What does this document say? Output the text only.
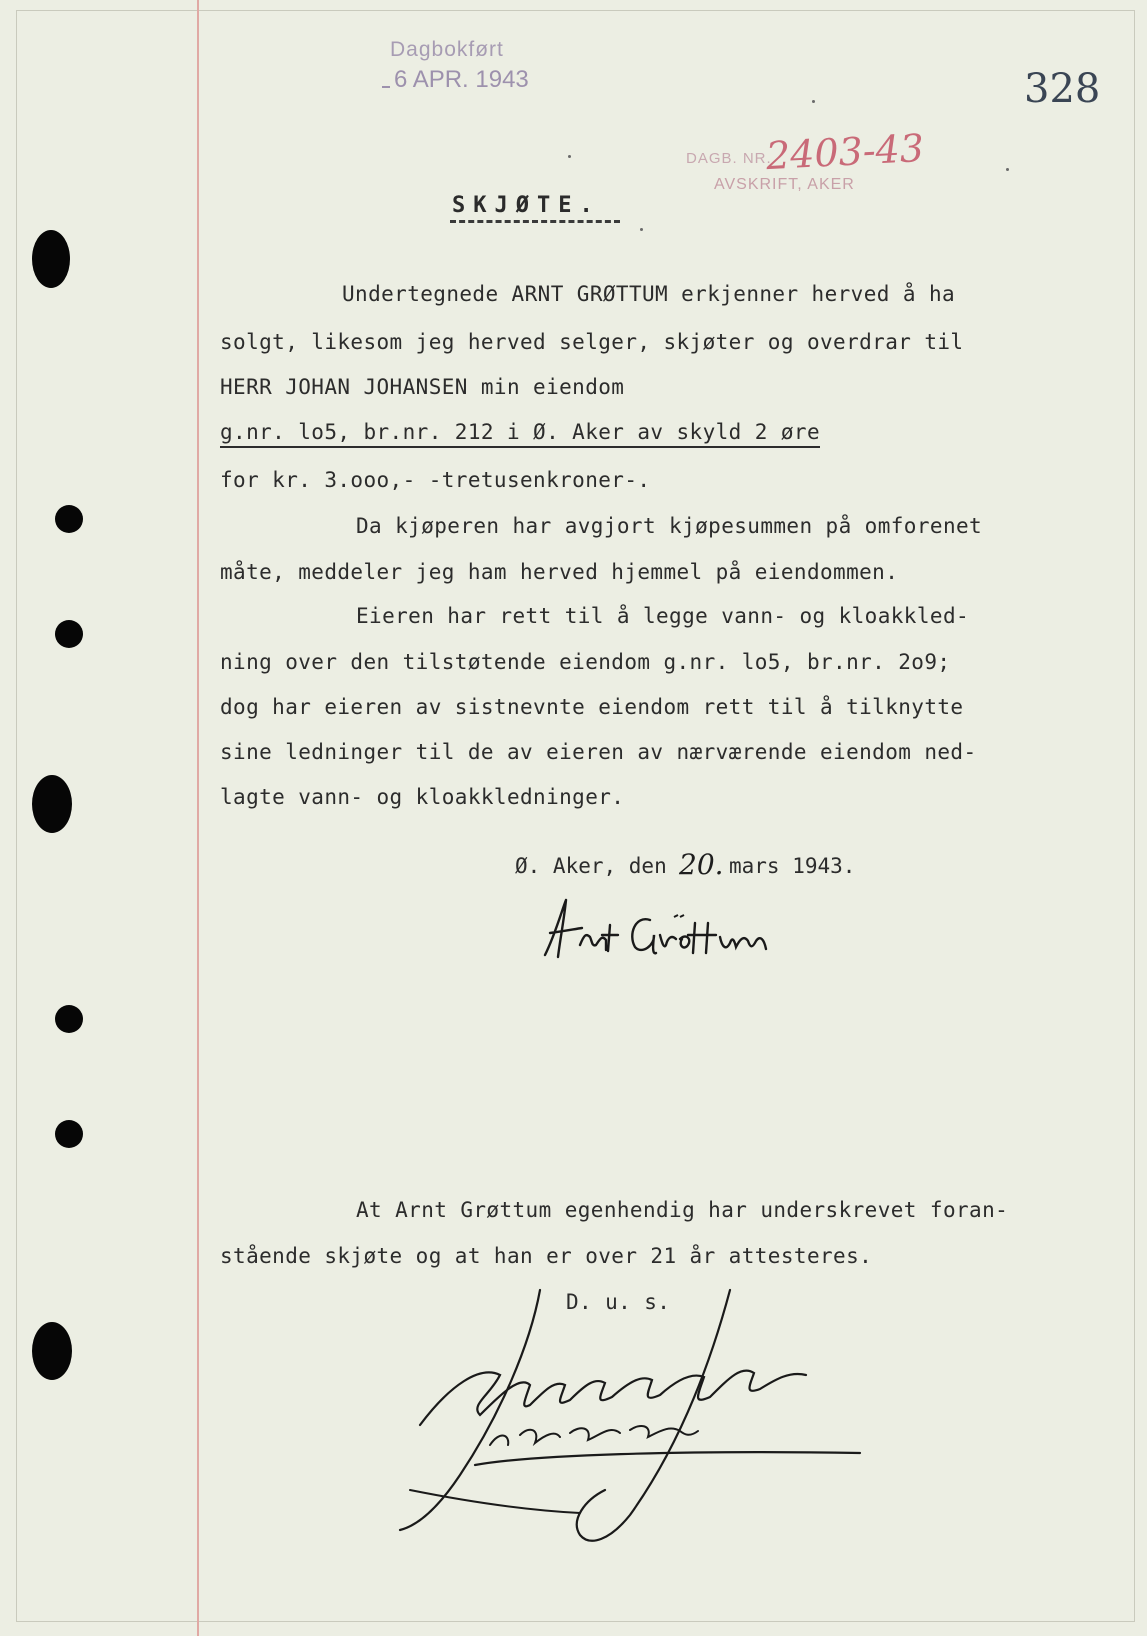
Dagbokført
6 APR. 1943
DAGB. NR.
2403-43
AVSKRIFT, AKER
328
SKJØTE.
Undertegnede ARNT GRØTTUM erkjenner herved å ha
solgt, likesom jeg herved selger, skjøter og overdrar til
HERR JOHAN JOHANSEN min eiendom
g.nr. lo5, br.nr. 212 i Ø. Aker av skyld 2 øre
for kr. 3.ooo,- -tretusenkroner-.
Da kjøperen har avgjort kjøpesummen på omforenet
måte, meddeler jeg ham herved hjemmel på eiendommen.
Eieren har rett til å legge vann- og kloakkled-
ning over den tilstøtende eiendom g.nr. lo5, br.nr. 2o9;
dog har eieren av sistnevnte eiendom rett til å tilknytte
sine ledninger til de av eieren av nærværende eiendom ned-
lagte vann- og kloakkledninger.
Ø. Aker, den 20. mars 1943.
At Arnt Grøttum egenhendig har underskrevet foran-
stående skjøte og at han er over 21 år attesteres.
D. u. s.
